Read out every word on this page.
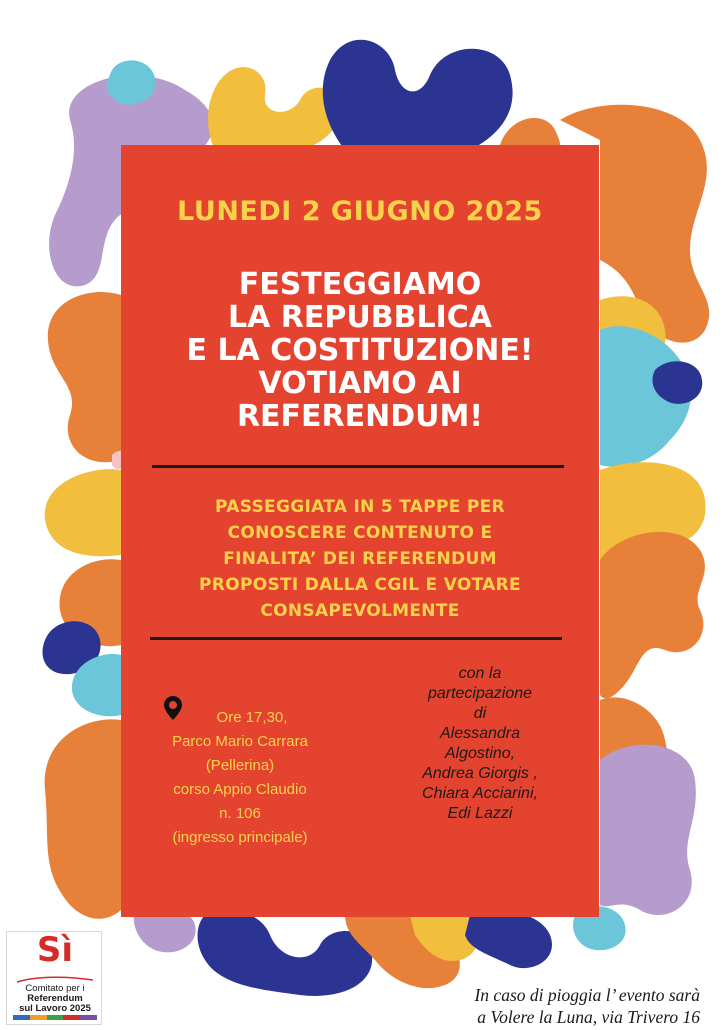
LUNEDI 2 GIUGNO 2025
FESTEGGIAMO
LA REPUBBLICA
E LA COSTITUZIONE!
VOTIAMO AI
REFERENDUM!
PASSEGGIATA IN 5 TAPPE PER
CONOSCERE CONTENUTO E
FINALITA’ DEI REFERENDUM
PROPOSTI DALLA CGIL E VOTARE
CONSAPEVOLMENTE
Ore 17,30,
Parco Mario Carrara
(Pellerina)
corso Appio Claudio
n. 106
(ingresso principale)
con la
partecipazione
di
Alessandra
Algostino,
Andrea Giorgis ,
Chiara Acciarini,
Edi Lazzi
Sì
Comitato per i
Referendum
sul Lavoro 2025
In caso di pioggia l’ evento sarà
a Volere la Luna, via Trivero 16
